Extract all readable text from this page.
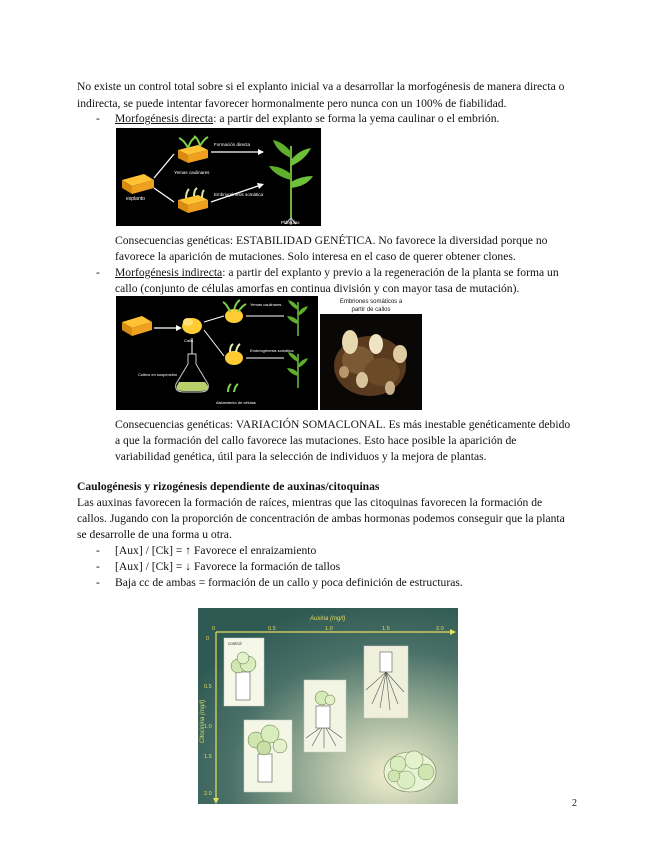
No existe un control total sobre si el explanto inicial va a desarrollar la morfogénesis de manera directa o indirecta, se puede intentar favorecer hormonalmente pero nunca con un 100% de fiabilidad.

- Morfogénesis directa: a partir del explanto se forma la yema caulinar o el embrión.
explanto
Formación directa
Yemas caulinares
Embriogénesis somática
Plántulas

Consecuencias genéticas: ESTABILIDAD GENÉTICA. No favorece la diversidad porque no

favorece la aparición de mutaciones. Solo interesa en el caso de querer obtener clones.

- Morfogénesis indirecta: a partir del explanto y previo a la regeneración de la planta se forma un

callo (conjunto de células amorfas en continua división y con mayor tasa de mutación).

Callo
Cultivo en suspensión
Yemas caulinares
Embriogénesis somática
Aislamiento de células
Embriones somáticos a
partir de callos

Consecuencias genéticas: VARIACIÓN SOMACLONAL. Es más inestable genéticamente debido

a que la formación del callo favorece las mutaciones. Esto hace posible la aparición de

variabilidad genética, útil para la selección de individuos y la mejora de plantas.

Caulogénesis y rizogénesis dependiente de auxinas/citoquinas

Las auxinas favorecen la formación de raíces, mientras que las citoquinas favorecen la formación de

callos. Jugando con la proporción de concentración de ambas hormonas podemos conseguir que la planta

se desarrolle de una forma u otra.

- [Aux] / [Ck] = ↑ Favorece el enraizamiento

- [Aux] / [Ck] = ↓ Favorece la formación de tallos

- Baja cc de ambas = formación de un callo y poca definición de estructuras.

Auxina (mg/l)
Citocinina (mg/l)
0	0.5	1.0	1.5	2.0
0
0.5
1.0
1.5
2.0
control
2
